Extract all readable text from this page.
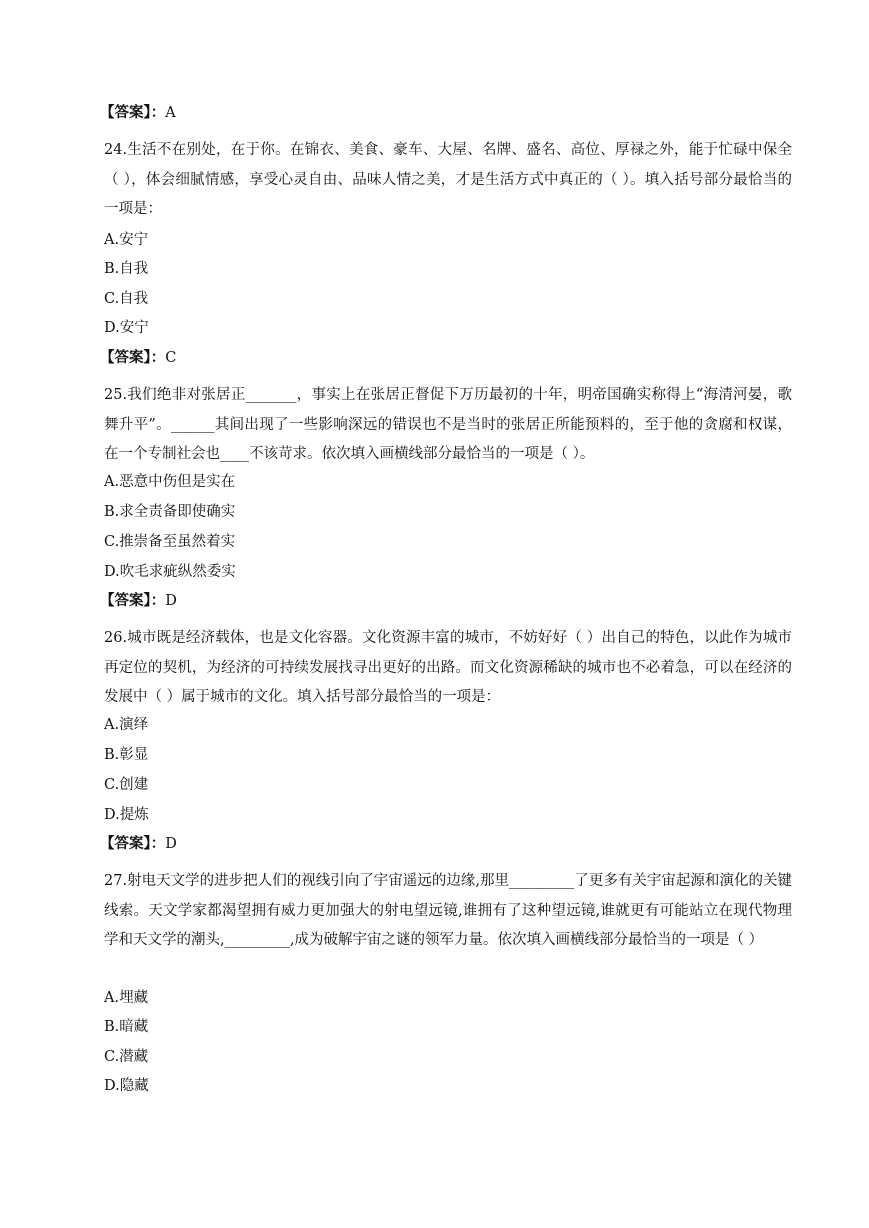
【答案】：A
24.生活不在别处，在于你。在锦衣、美食、豪车、大屋、名牌、盛名、高位、厚禄之外，能于忙碌中保全（ ），体会细腻情感，享受心灵自由、品味人情之美，才是生活方式中真正的（ ）。填入括号部分最恰当的一项是：
A.安宁
B.自我
C.自我
D.安宁
【答案】：C
25.我们绝非对张居正_______，事实上在张居正督促下万历最初的十年，明帝国确实称得上“海清河晏，歌舞升平”。______其间出现了一些影响深远的错误也不是当时的张居正所能预料的，至于他的贪腐和权谋，在一个专制社会也____不该苛求。依次填入画横线部分最恰当的一项是（ ）。
A.恶意中伤但是实在
B.求全责备即使确实
C.推崇备至虽然着实
D.吹毛求疵纵然委实
【答案】：D
26.城市既是经济载体，也是文化容器。文化资源丰富的城市，不妨好好（ ）出自己的特色，以此作为城市再定位的契机，为经济的可持续发展找寻出更好的出路。而文化资源稀缺的城市也不必着急，可以在经济的发展中（ ）属于城市的文化。填入括号部分最恰当的一项是：
A.演绎
B.彰显
C.创建
D.提炼
【答案】：D
27.射电天文学的进步把人们的视线引向了宇宙遥远的边缘,那里_________了更多有关宇宙起源和演化的关键线索。天文学家都渴望拥有威力更加强大的射电望远镜,谁拥有了这种望远镜,谁就更有可能站立在现代物理学和天文学的潮头,_________,成为破解宇宙之谜的领军力量。依次填入画横线部分最恰当的一项是（ ）
A.埋藏
B.暗藏
C.潜藏
D.隐藏
